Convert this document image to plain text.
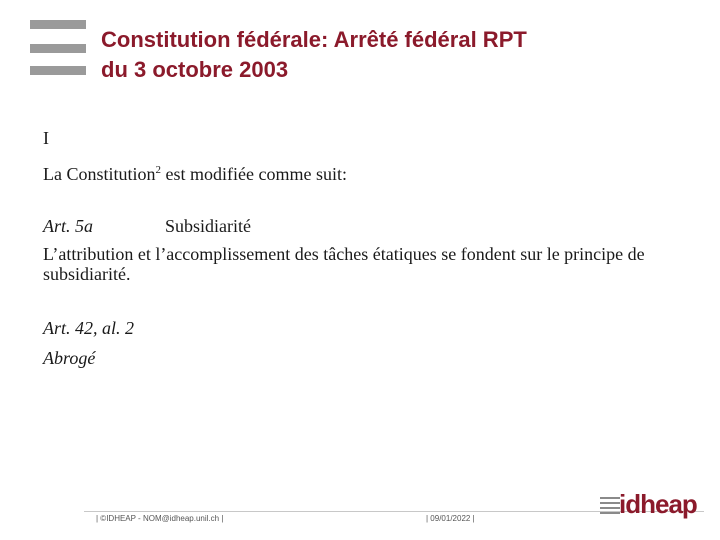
Constitution fédérale: Arrêté fédéral RPT
du 3 octobre 2003
I
La Constitution$^2$ est modifiée comme suit:
Art. 5a	Subsidiarité
L’attribution et l’accomplissement des tâches étatiques se fondent sur le principe de subsidiarité.
Art. 42, al. 2
Abrogé
| ©IDHEAP - NOM@idheap.unil.ch |	| 09/01/2022 |	idheap
